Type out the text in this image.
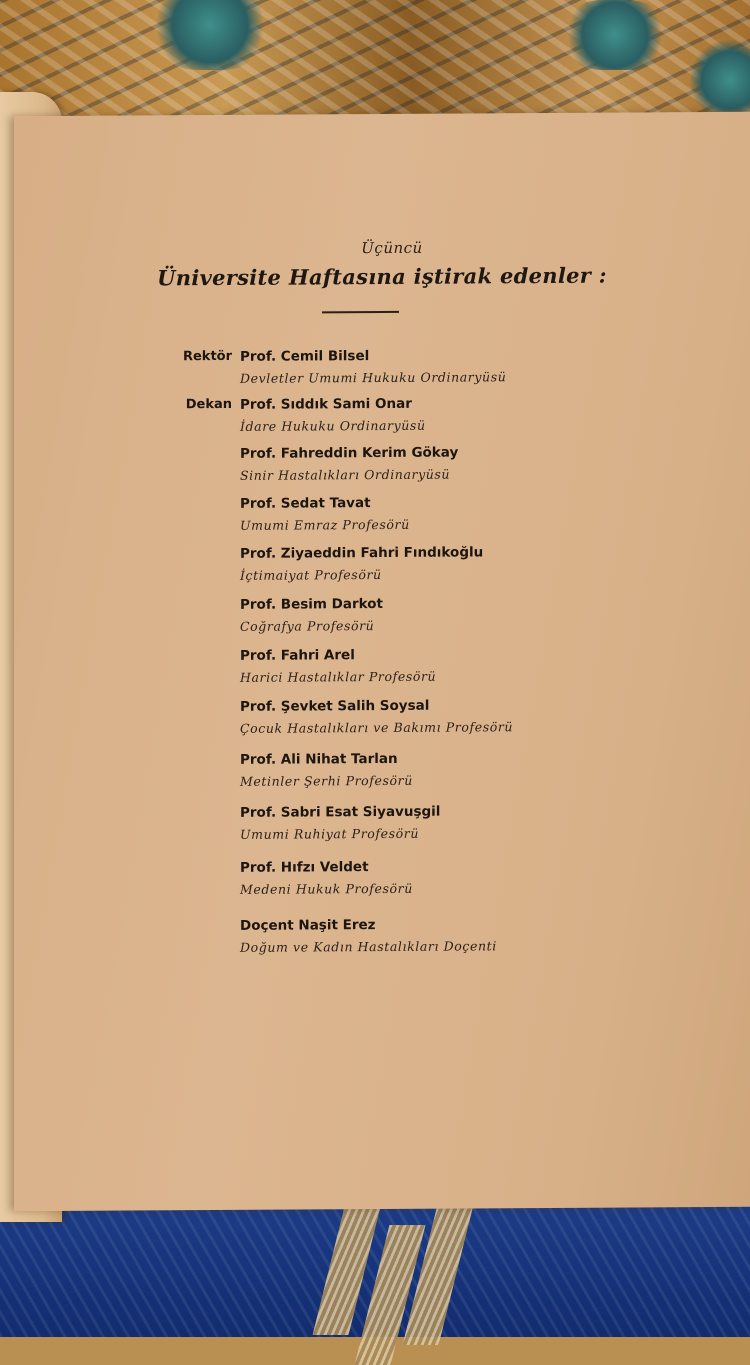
Üçüncü
Üniversite Haftasına iştirak edenler :
Rektör Prof. Cemil Bilsel
Devletler Umumi Hukuku Ordinaryüsü
Dekan Prof. Sıddık Sami Onar
İdare Hukuku Ordinaryüsü
Prof. Fahreddin Kerim Gökay
Sinir Hastalıkları Ordinaryüsü
Prof. Sedat Tavat
Umumi Emraz Profesörü
Prof. Ziyaeddin Fahri Fındıkoğlu
İçtimaiyat Profesörü
Prof. Besim Darkot
Coğrafya Profesörü
Prof. Fahri Arel
Harici Hastalıklar Profesörü
Prof. Şevket Salih Soysal
Çocuk Hastalıkları ve Bakımı Profesörü
Prof. Ali Nihat Tarlan
Metinler Şerhi Profesörü
Prof. Sabri Esat Siyavuşgil
Umumi Ruhiyat Profesörü
Prof. Hıfzı Veldet
Medeni Hukuk Profesörü
Doçent Naşit Erez
Doğum ve Kadın Hastalıkları Doçenti
